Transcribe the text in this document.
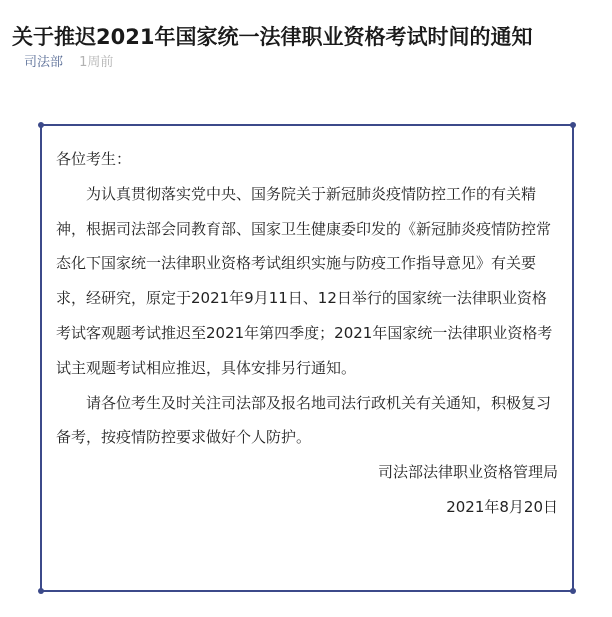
关于推迟2021年国家统一法律职业资格考试时间的通知
司法部 1周前

各位考生：

为认真贯彻落实党中央、国务院关于新冠肺炎疫情防控工作的有关精神，根据司法部会同教育部、国家卫生健康委印发的《新冠肺炎疫情防控常态化下国家统一法律职业资格考试组织实施与防疫工作指导意见》有关要求，经研究，原定于2021年9月11日、12日举行的国家统一法律职业资格考试客观题考试推迟至2021年第四季度；2021年国家统一法律职业资格考试主观题考试相应推迟，具体安排另行通知。

请各位考生及时关注司法部及报名地司法行政机关有关通知，积极复习备考，按疫情防控要求做好个人防护。

司法部法律职业资格管理局

2021年8月20日
